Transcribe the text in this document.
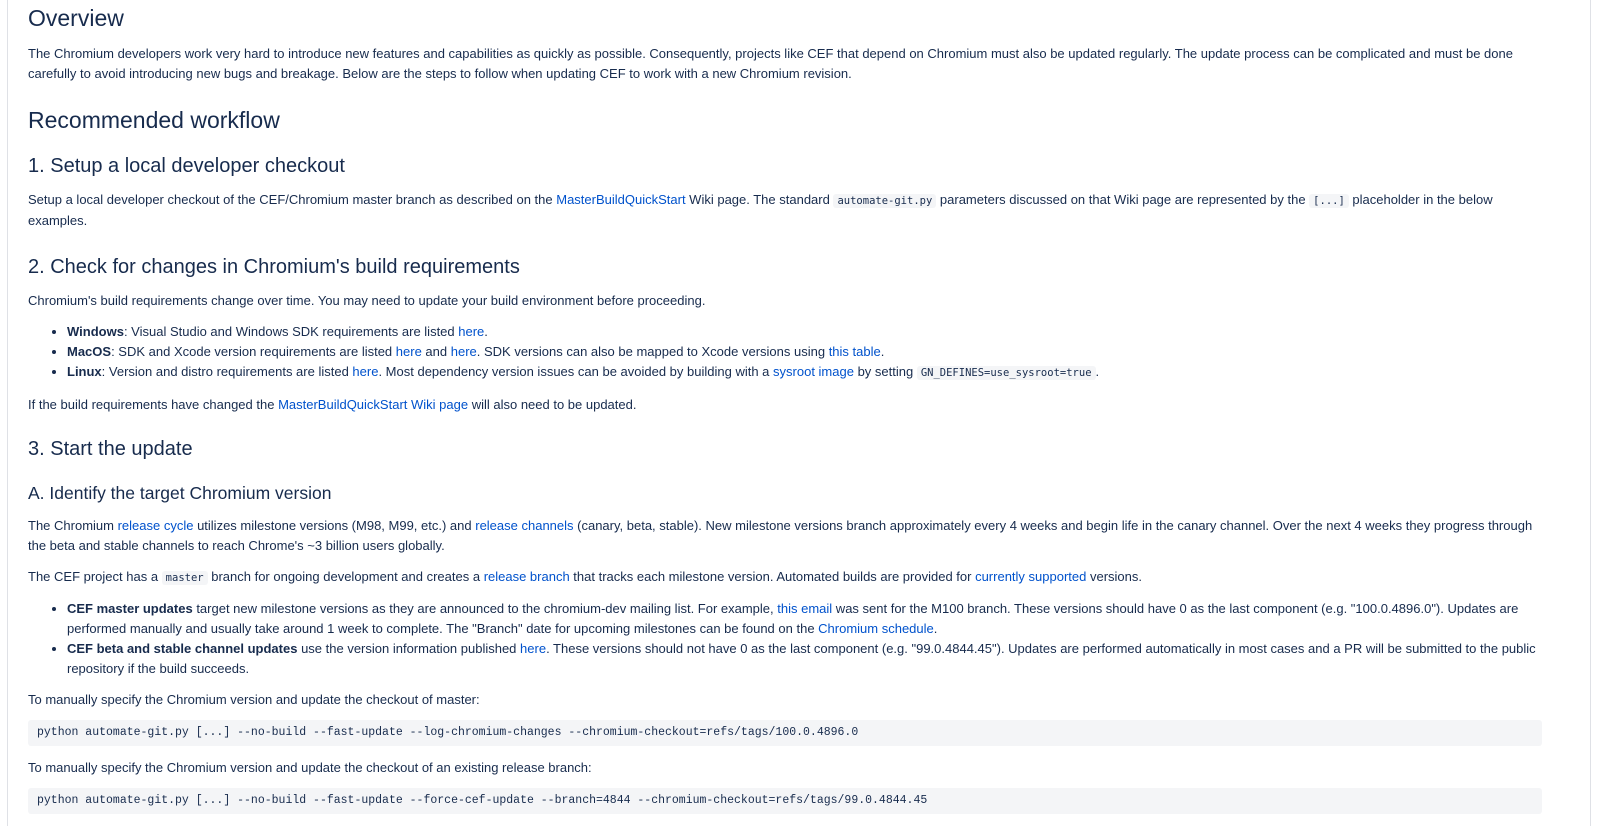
Overview

The Chromium developers work very hard to introduce new features and capabilities as quickly as possible. Consequently, projects like CEF that depend on Chromium must also be updated regularly. The update process can be complicated and must be done carefully to avoid introducing new bugs and breakage. Below are the steps to follow when updating CEF to work with a new Chromium revision.

Recommended workflow
1. Setup a local developer checkout

Setup a local developer checkout of the CEF/Chromium master branch as described on the MasterBuildQuickStart Wiki page. The standard automate-git.py parameters discussed on that Wiki page are represented by the [...] placeholder in the below examples.

2. Check for changes in Chromium's build requirements

Chromium's build requirements change over time. You may need to update your build environment before proceeding.

• Windows: Visual Studio and Windows SDK requirements are listed here.
• MacOS: SDK and Xcode version requirements are listed here and here. SDK versions can also be mapped to Xcode versions using this table.
• Linux: Version and distro requirements are listed here. Most dependency version issues can be avoided by building with a sysroot image by setting GN_DEFINES=use_sysroot=true .

If the build requirements have changed the MasterBuildQuickStart Wiki page will also need to be updated.

3. Start the update
A. Identify the target Chromium version

The Chromium release cycle utilizes milestone versions (M98, M99, etc.) and release channels (canary, beta, stable). New milestone versions branch approximately every 4 weeks and begin life in the canary channel. Over the next 4 weeks they progress through the beta and stable channels to reach Chrome's ~3 billion users globally.

The CEF project has a master branch for ongoing development and creates a release branch that tracks each milestone version. Automated builds are provided for currently supported versions.

• CEF master updates target new milestone versions as they are announced to the chromium-dev mailing list. For example, this email was sent for the M100 branch. These versions should have 0 as the last component (e.g. "100.0.4896.0"). Updates are performed manually and usually take around 1 week to complete. The "Branch" date for upcoming milestones can be found on the Chromium schedule.
• CEF beta and stable channel updates use the version information published here. These versions should not have 0 as the last component (e.g. "99.0.4844.45"). Updates are performed automatically in most cases and a PR will be submitted to the public repository if the build succeeds.

To manually specify the Chromium version and update the checkout of master:

python automate-git.py [...] --no-build --fast-update --log-chromium-changes --chromium-checkout=refs/tags/100.0.4896.0

To manually specify the Chromium version and update the checkout of an existing release branch:

python automate-git.py [...] --no-build --fast-update --force-cef-update --branch=4844 --chromium-checkout=refs/tags/99.0.4844.45
